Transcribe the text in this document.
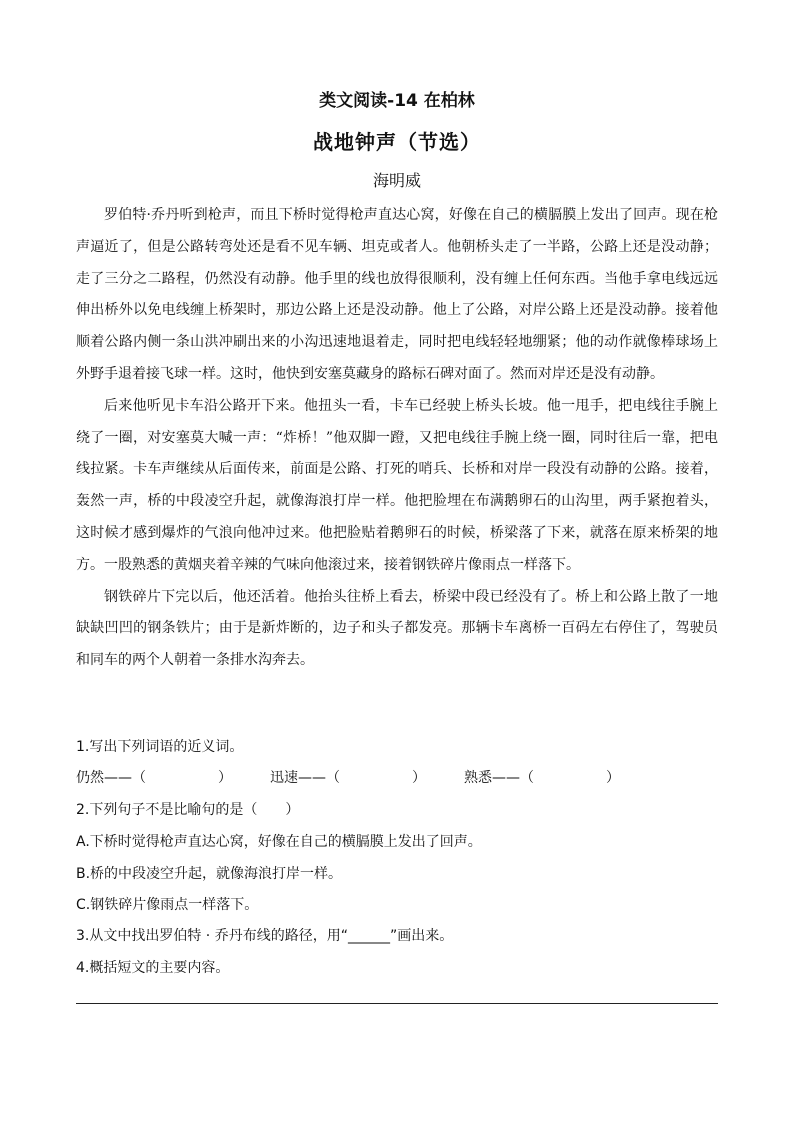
类文阅读-14 在柏林
战地钟声（节选）
海明威

罗伯特·乔丹听到枪声，而且下桥时觉得枪声直达心窝，好像在自己的横膈膜上发出了回声。现在枪声逼近了，但是公路转弯处还是看不见车辆、坦克或者人。他朝桥头走了一半路，公路上还是没动静；走了三分之二路程，仍然没有动静。他手里的线也放得很顺利，没有缠上任何东西。当他手拿电线远远伸出桥外以免电线缠上桥架时，那边公路上还是没动静。他上了公路，对岸公路上还是没动静。接着他顺着公路内侧一条山洪冲刷出来的小沟迅速地退着走，同时把电线轻轻地绷紧；他的动作就像棒球场上外野手退着接飞球一样。这时，他快到安塞莫藏身的路标石碑对面了。然而对岸还是没有动静。

后来他听见卡车沿公路开下来。他扭头一看，卡车已经驶上桥头长坡。他一甩手，把电线往手腕上绕了一圈，对安塞莫大喊一声：“炸桥！”他双脚一蹬，又把电线往手腕上绕一圈，同时往后一靠，把电线拉紧。卡车声继续从后面传来，前面是公路、打死的哨兵、长桥和对岸一段没有动静的公路。接着，轰然一声，桥的中段凌空升起，就像海浪打岸一样。他把脸埋在布满鹅卵石的山沟里，两手紧抱着头，这时候才感到爆炸的气浪向他冲过来。他把脸贴着鹅卵石的时候，桥梁落了下来，就落在原来桥架的地方。一股熟悉的黄烟夹着辛辣的气味向他滚过来，接着钢铁碎片像雨点一样落下。

钢铁碎片下完以后，他还活着。他抬头往桥上看去，桥梁中段已经没有了。桥上和公路上散了一地缺缺凹凹的钢条铁片；由于是新炸断的，边子和头子都发亮。那辆卡车离桥一百码左右停住了，驾驶员和同车的两个人朝着一条排水沟奔去。

1.写出下列词语的近义词。
仍然——（	）	迅速——（	）	熟悉——（	）
2.下列句子不是比喻句的是（　　）
A.下桥时觉得枪声直达心窝，好像在自己的横膈膜上发出了回声。
B.桥的中段凌空升起，就像海浪打岸一样。
C.钢铁碎片像雨点一样落下。
3.从文中找出罗伯特 · 乔丹布线的路径，用“______”画出来。
4.概括短文的主要内容。
